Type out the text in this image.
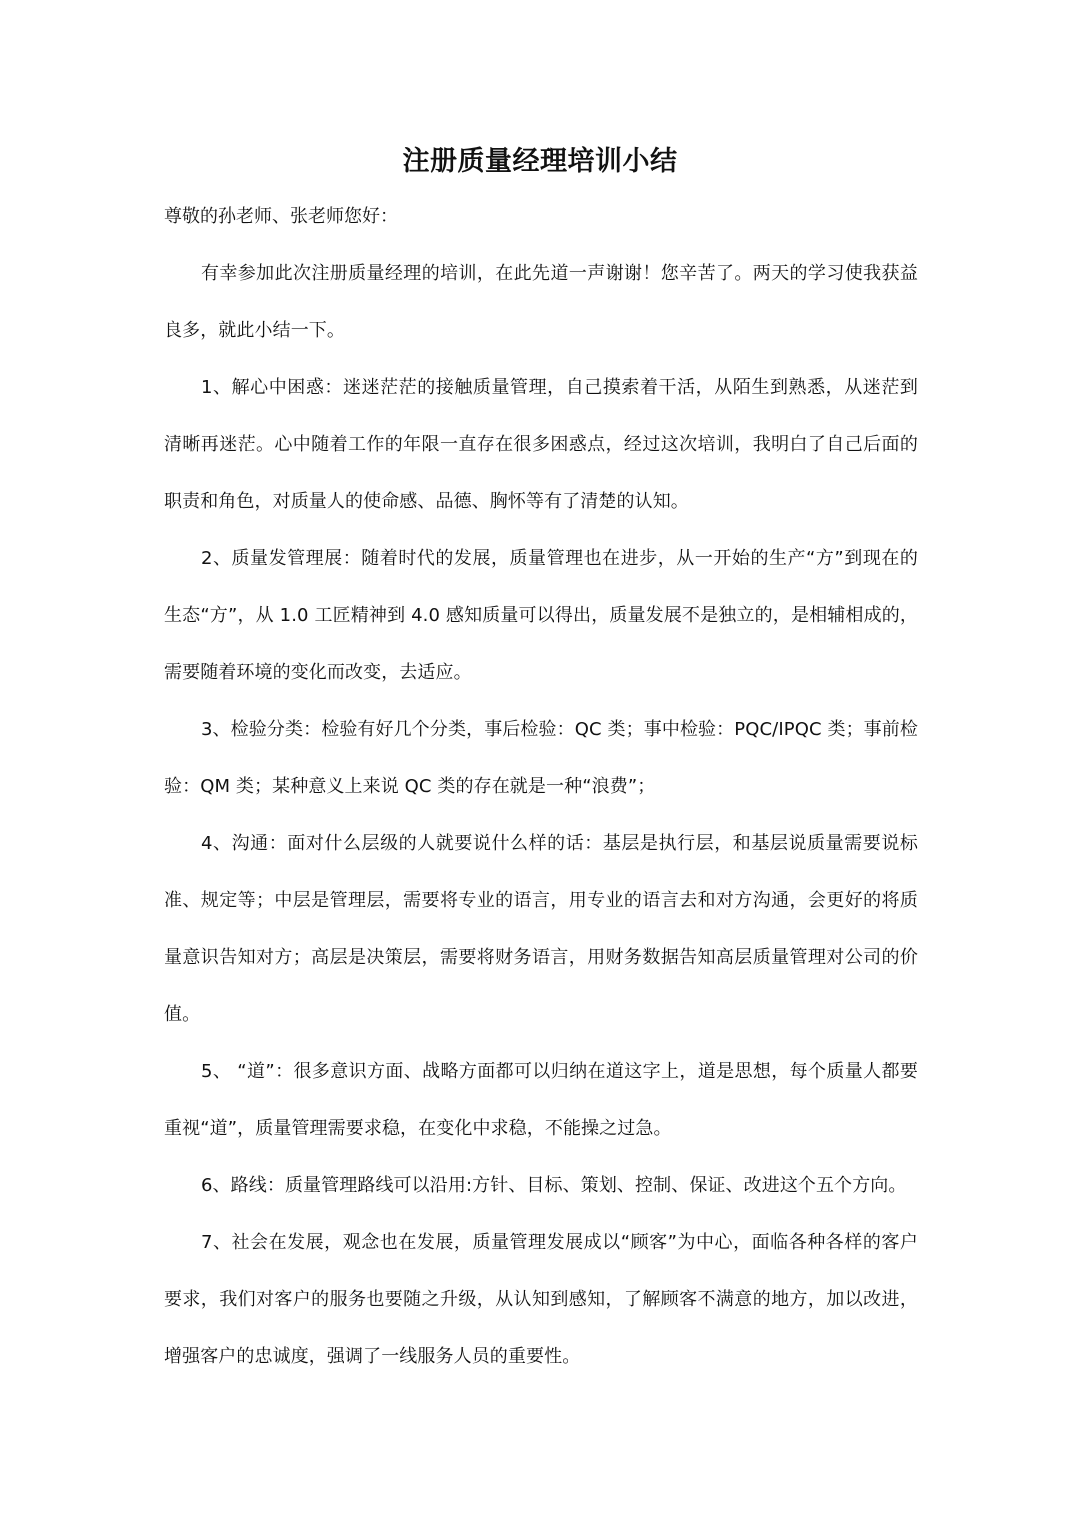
注册质量经理培训小结

尊敬的孙老师、张老师您好：

有幸参加此次注册质量经理的培训，在此先道一声谢谢！您辛苦了。两天的学习使我获益良多，就此小结一下。

1、解心中困惑：迷迷茫茫的接触质量管理，自己摸索着干活，从陌生到熟悉，从迷茫到清晰再迷茫。心中随着工作的年限一直存在很多困惑点，经过这次培训，我明白了自己后面的职责和角色，对质量人的使命感、品德、胸怀等有了清楚的认知。

2、质量发管理展：随着时代的发展，质量管理也在进步，从一开始的生产“方”到现在的生态“方”，从 1.0 工匠精神到 4.0 感知质量可以得出，质量发展不是独立的，是相辅相成的，需要随着环境的变化而改变，去适应。

3、检验分类：检验有好几个分类，事后检验：QC 类；事中检验：PQC/IPQC 类；事前检验：QM 类；某种意义上来说 QC 类的存在就是一种“浪费”；

4、沟通：面对什么层级的人就要说什么样的话：基层是执行层，和基层说质量需要说标准、规定等；中层是管理层，需要将专业的语言，用专业的语言去和对方沟通，会更好的将质量意识告知对方；高层是决策层，需要将财务语言，用财务数据告知高层质量管理对公司的价值。

5、 “道”：很多意识方面、战略方面都可以归纳在道这字上，道是思想，每个质量人都要重视“道”，质量管理需要求稳，在变化中求稳，不能操之过急。

6、路线：质量管理路线可以沿用:方针、目标、策划、控制、保证、改进这个五个方向。

7、社会在发展，观念也在发展，质量管理发展成以“顾客”为中心，面临各种各样的客户要求，我们对客户的服务也要随之升级，从认知到感知，了解顾客不满意的地方，加以改进，增强客户的忠诚度，强调了一线服务人员的重要性。
